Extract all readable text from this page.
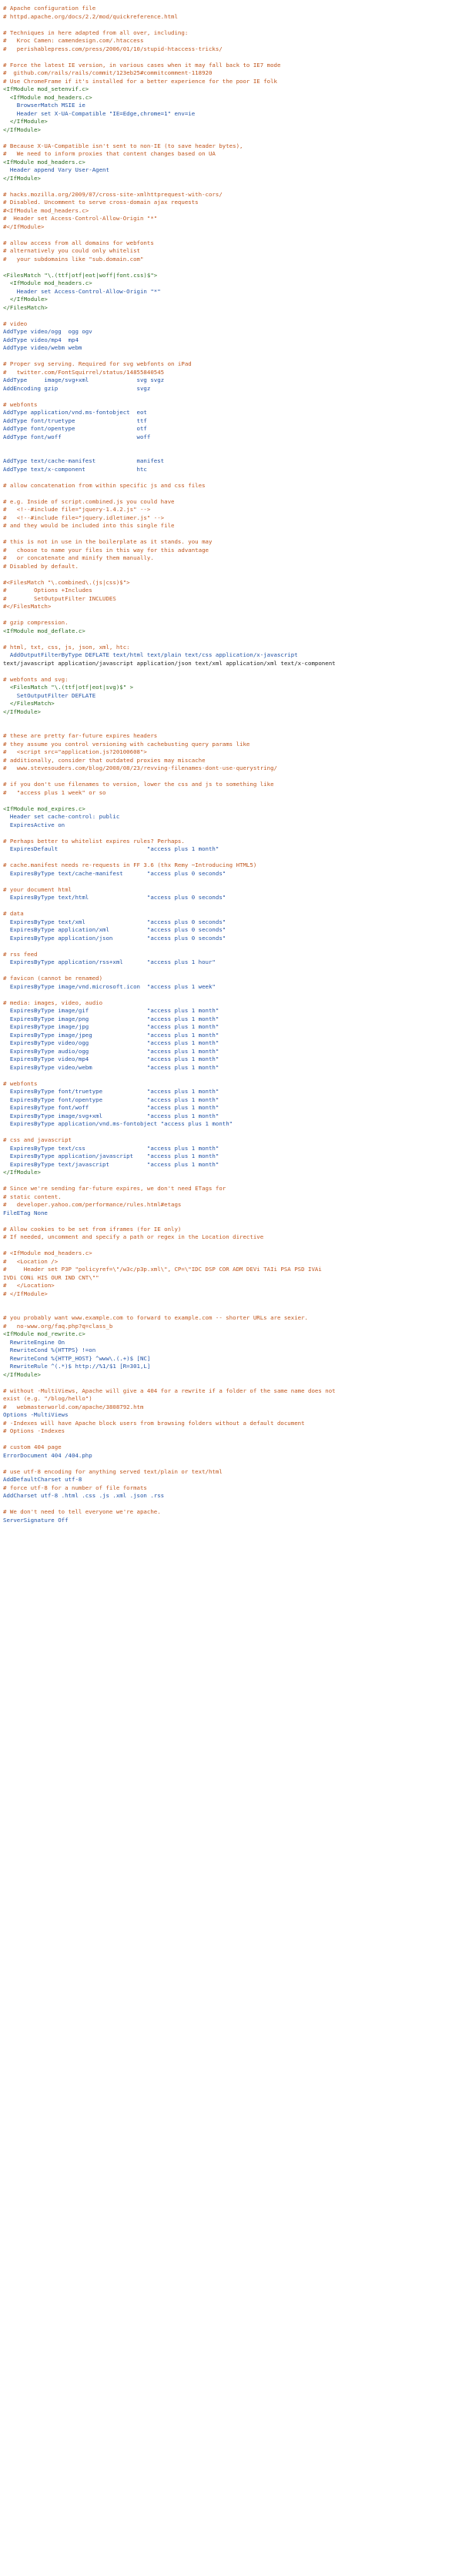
# Apache configuration file
# httpd.apache.org/docs/2.2/mod/quickreference.html
# Techniques in here adapted from all over, including:
#   Kroc Camen: camendesign.com/.htaccess
#   perishablepress.com/press/2006/01/10/stupid-htaccess-tricks/
# Force the latest IE version, in various cases when it may fall back to IE7 mode
#  github.com/rails/rails/commit/123eb25#commitcomment-118920
# Use ChromeFrame if it's installed for a better experience for the poor IE folk
<IfModule mod_setenvif.c>
<IfModule mod_headers.c>
BrowserMatch MSIE ie
Header set X-UA-Compatible "IE=Edge,chrome=1" env=ie
</IfModule>
</IfModule>
# Because X-UA-Compatible isn't sent to non-IE (to save header bytes),
#   We need to inform proxies that content changes based on UA
<IfModule mod_headers.c>
Header append Vary User-Agent
</IfModule>
# hacks.mozilla.org/2009/07/cross-site-xmlhttprequest-with-cors/
# Disabled. Uncomment to serve cross-domain ajax requests
#<IfModule mod_headers.c>
#  Header set Access-Control-Allow-Origin "*"
#</IfModule>
# allow access from all domains for webfonts
# alternatively you could only whitelist
#   your subdomains like "sub.domain.com"
<FilesMatch "\.(ttf|otf|eot|woff|font.css)$">
<IfModule mod_headers.c>
Header set Access-Control-Allow-Origin "*"
</IfModule>
</FilesMatch>
# video
AddType video/ogg  ogg ogv
AddType video/mp4  mp4
AddType video/webm webm
# Proper svg serving. Required for svg webfonts on iPad
#   twitter.com/FontSquirrel/status/14855840545
AddType     image/svg+xml              svg svgz
AddEncoding gzip                       svgz
# webfonts
AddType application/vnd.ms-fontobject  eot
AddType font/truetype                  ttf
AddType font/opentype                  otf
AddType font/woff                      woff
AddType text/cache-manifest            manifest
AddType text/x-component               htc
# allow concatenation from within specific js and css files
# e.g. Inside of script.combined.js you could have
#   <!--#include file="jquery-1.4.2.js" -->
#   <!--#include file="jquery.idletimer.js" -->
# and they would be included into this single file
# this is not in use in the boilerplate as it stands. you may
#   choose to name your files in this way for this advantage
#   or concatenate and minify them manually.
# Disabled by default.
#<FilesMatch "\.combined\.(js|css)$">
#        Options +Includes
#        SetOutputFilter INCLUDES
#</FilesMatch>
# gzip compression.
<IfModule mod_deflate.c>
# html, txt, css, js, json, xml, htc:
AddOutputFilterByType DEFLATE text/html text/plain text/css application/x-javascript
text/javascript application/javascript application/json text/xml application/xml text/x-component
# webfonts and svg:
<FilesMatch "\.(ttf|otf|eot|svg)$" >
SetOutputFilter DEFLATE
</FilesMatch>
</IfModule>
# these are pretty far-future expires headers
# they assume you control versioning with cachebusting query params like
#   <script src="application.js?20100608">
# additionally, consider that outdated proxies may miscache
#   www.stevesouders.com/blog/2008/08/23/revving-filenames-dont-use-querystring/
# if you don't use filenames to version, lower the css and js to something like
#   "access plus 1 week" or so
<IfModule mod_expires.c>
Header set cache-control: public
ExpiresActive on
# Perhaps better to whitelist expires rules? Perhaps.
ExpiresDefault                          "access plus 1 month"
# cache.manifest needs re-requests in FF 3.6 (thx Remy ~Introducing HTML5)
ExpiresByType text/cache-manifest       "access plus 0 seconds"
# your document html
ExpiresByType text/html                 "access plus 0 seconds"
# data
ExpiresByType text/xml                  "access plus 0 seconds"
ExpiresByType application/xml           "access plus 0 seconds"
ExpiresByType application/json          "access plus 0 seconds"
# rss feed
ExpiresByType application/rss+xml       "access plus 1 hour"
# favicon (cannot be renamed)
ExpiresByType image/vnd.microsoft.icon  "access plus 1 week"
# media: images, video, audio
ExpiresByType image/gif                 "access plus 1 month"
ExpiresByType image/png                 "access plus 1 month"
ExpiresByType image/jpg                 "access plus 1 month"
ExpiresByType image/jpeg                "access plus 1 month"
ExpiresByType video/ogg                 "access plus 1 month"
ExpiresByType audio/ogg                 "access plus 1 month"
ExpiresByType video/mp4                 "access plus 1 month"
ExpiresByType video/webm                "access plus 1 month"
# webfonts
ExpiresByType font/truetype             "access plus 1 month"
ExpiresByType font/opentype             "access plus 1 month"
ExpiresByType font/woff                 "access plus 1 month"
ExpiresByType image/svg+xml             "access plus 1 month"
ExpiresByType application/vnd.ms-fontobject "access plus 1 month"
# css and javascript
ExpiresByType text/css                  "access plus 1 month"
ExpiresByType application/javascript    "access plus 1 month"
ExpiresByType text/javascript           "access plus 1 month"
</IfModule>
# Since we're sending far-future expires, we don't need ETags for
# static content.
#   developer.yahoo.com/performance/rules.html#etags
FileETag None
# Allow cookies to be set from iframes (for IE only)
# If needed, uncomment and specify a path or regex in the Location directive
# <IfModule mod_headers.c>
#   <Location />
#     Header set P3P "policyref=\"/w3c/p3p.xml\", CP=\"IDC DSP COR ADM DEVi TAIi PSA PSD IVAi
IVDi CONi HIS OUR IND CNT\""
#   </Location>
# </IfModule>
# you probably want www.example.com to forward to example.com -- shorter URLs are sexier.
#   no-www.org/faq.php?q=class_b
<IfModule mod_rewrite.c>
RewriteEngine On
RewriteCond %{HTTPS} !=on
RewriteCond %{HTTP_HOST} ^www\.(.+)$ [NC]
RewriteRule ^(.*)$ http://%1/$1 [R=301,L]
</IfModule>
# without -MultiViews, Apache will give a 404 for a rewrite if a folder of the same name does not
exist (e.g. "/blog/hello")
#   webmasterworld.com/apache/3808792.htm
Options -MultiViews
# -Indexes will have Apache block users from browsing folders without a default document
# Options -Indexes
# custom 404 page
ErrorDocument 404 /404.php
# use utf-8 encoding for anything served text/plain or text/html
AddDefaultCharset utf-8
# force utf-8 for a number of file formats
AddCharset utf-8 .html .css .js .xml .json .rss
# We don't need to tell everyone we're apache.
ServerSignature Off
